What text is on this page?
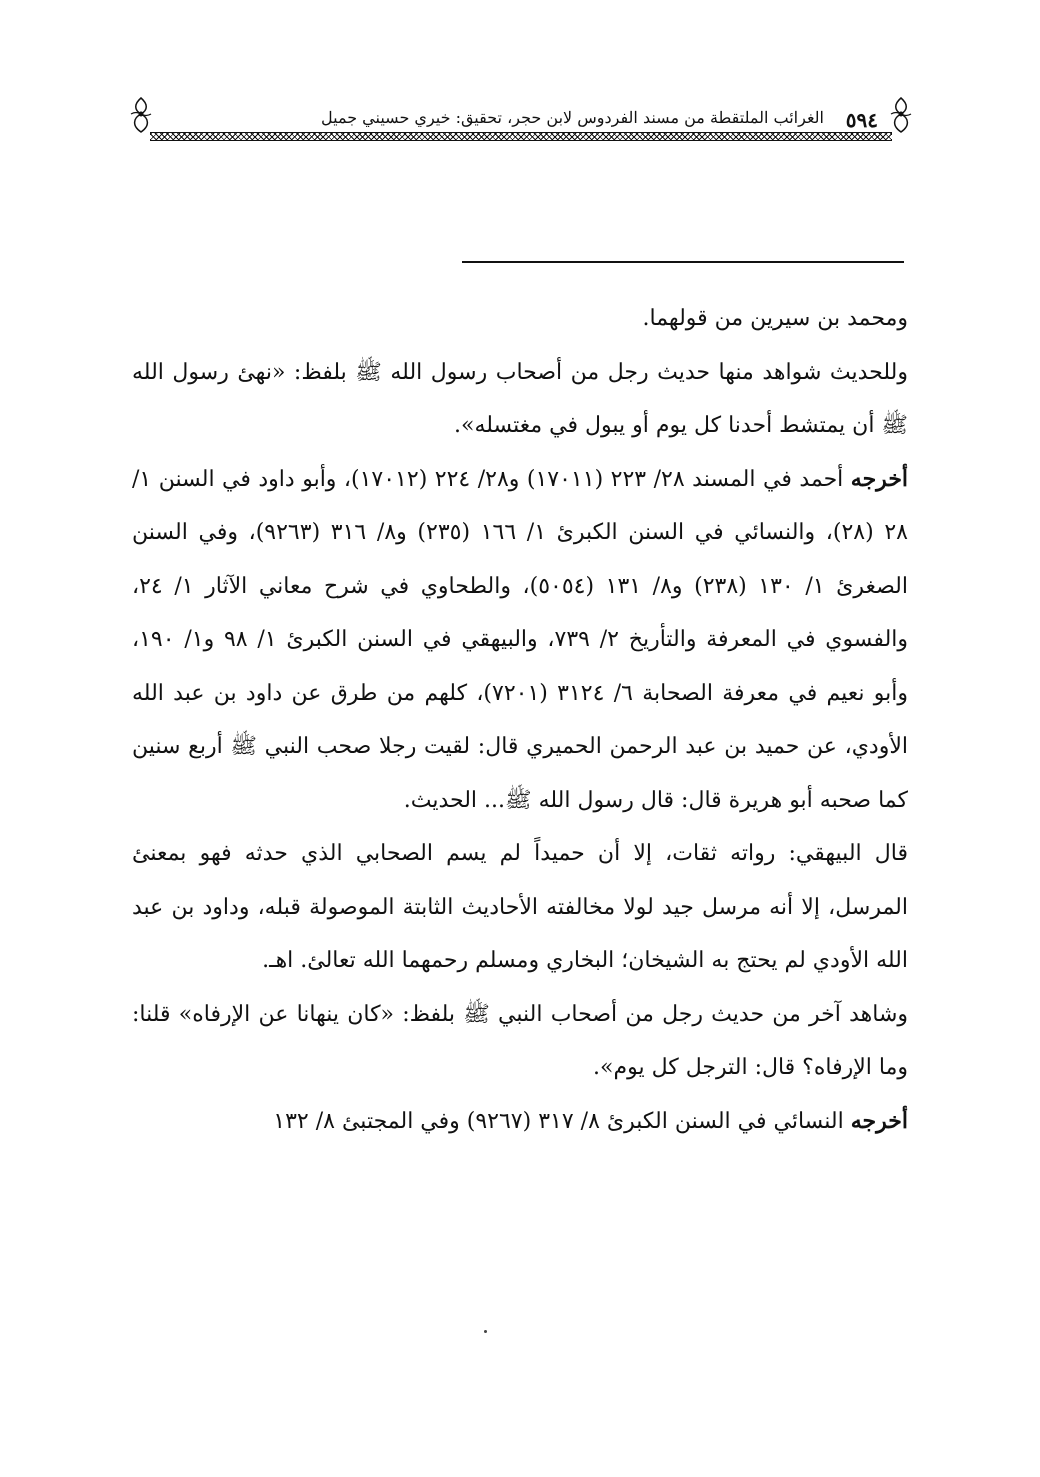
الغرائب الملتقطة من مسند الفردوس لابن حجر، تحقيق: خيري حسيني جميل ٥٩٤

ومحمد بن سيرين من قولهما.

وللحديث شواهد منها حديث رجل من أصحاب رسول الله ﷺ بلفظ: «نهئ رسول الله ﷺ أن يمتشط أحدنا كل يوم أو يبول في مغتسله».

أخرجه أحمد في المسند ٢٨/ ٢٢٣ (١٧٠١١) و٢٨/ ٢٢٤ (١٧٠١٢)، وأبو داود في السنن ١/ ٢٨ (٢٨)، والنسائي في السنن الكبرئ ١/ ١٦٦ (٢٣٥) و٨/ ٣١٦ (٩٢٦٣)، وفي السنن الصغرئ ١/ ١٣٠ (٢٣٨) و٨/ ١٣١ (٥٠٥٤)، والطحاوي في شرح معاني الآثار ١/ ٢٤، والفسوي في المعرفة والتأريخ ٢/ ٧٣٩، والبيهقي في السنن الكبرئ ١/ ٩٨ و١/ ١٩٠، وأبو نعيم في معرفة الصحابة ٦/ ٣١٢٤ (٧٢٠١)، كلهم من طرق عن داود بن عبد الله الأودي، عن حميد بن عبد الرحمن الحميري قال: لقيت رجلا صحب النبي ﷺ أربع سنين كما صحبه أبو هريرة قال: قال رسول الله ﷺ... الحديث.

قال البيهقي: رواته ثقات، إلا أن حميداً لم يسم الصحابي الذي حدثه فهو بمعنئ المرسل، إلا أنه مرسل جيد لولا مخالفته الأحاديث الثابتة الموصولة قبله، وداود بن عبد الله الأودي لم يحتج به الشيخان؛ البخاري ومسلم رحمهما الله تعالئ. اهـ.

وشاهد آخر من حديث رجل من أصحاب النبي ﷺ بلفظ: «كان ينهانا عن الإرفاه» قلنا: وما الإرفاه؟ قال: الترجل كل يوم».

أخرجه النسائي في السنن الكبرئ ٨/ ٣١٧ (٩٢٦٧) وفي المجتبئ ٨/ ١٣٢
